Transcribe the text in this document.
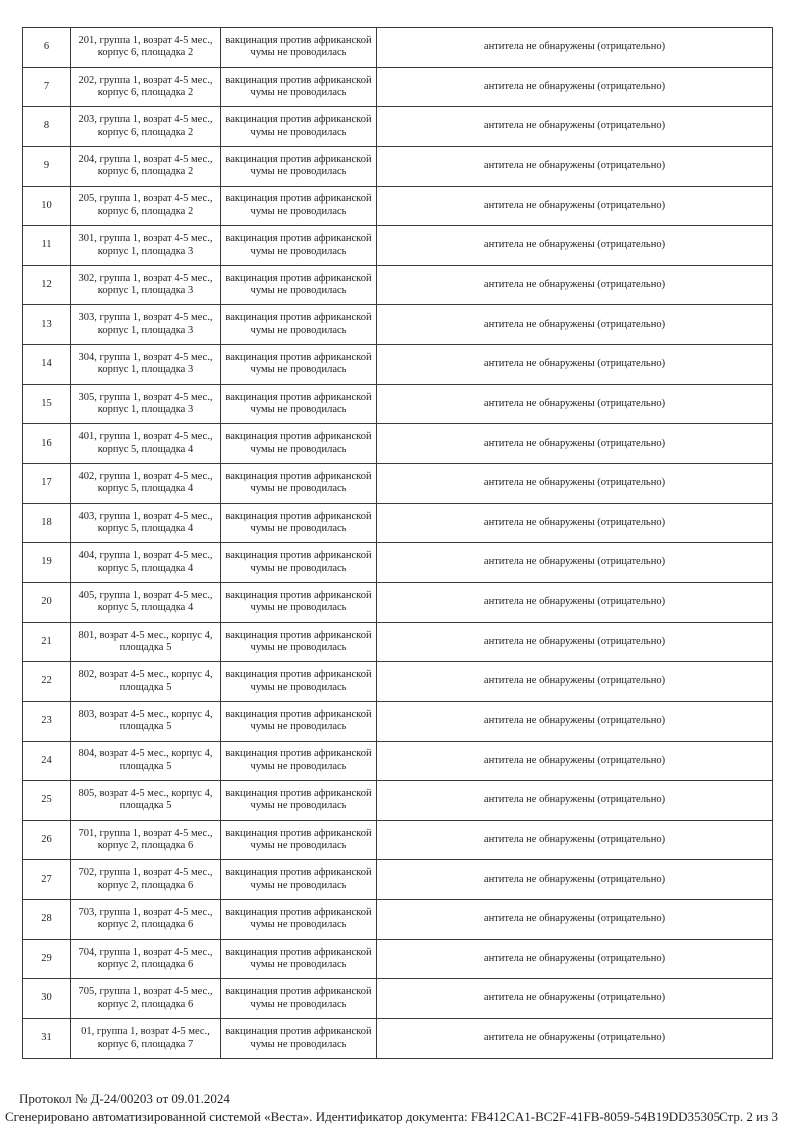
6	201, группа 1, возрат 4-5 мес., корпус 6, площадка 2	вакцинация против африканской чумы не проводилась	антитела не обнаружены (отрицательно)
7	202, группа 1, возрат 4-5 мес., корпус 6, площадка 2	вакцинация против африканской чумы не проводилась	антитела не обнаружены (отрицательно)
8	203, группа 1, возрат 4-5 мес., корпус 6, площадка 2	вакцинация против африканской чумы не проводилась	антитела не обнаружены (отрицательно)
9	204, группа 1, возрат 4-5 мес., корпус 6, площадка 2	вакцинация против африканской чумы не проводилась	антитела не обнаружены (отрицательно)
10	205, группа 1, возрат 4-5 мес., корпус 6, площадка 2	вакцинация против африканской чумы не проводилась	антитела не обнаружены (отрицательно)
11	301, группа 1, возрат 4-5 мес., корпус 1, площадка 3	вакцинация против африканской чумы не проводилась	антитела не обнаружены (отрицательно)
12	302, группа 1, возрат 4-5 мес., корпус 1, площадка 3	вакцинация против африканской чумы не проводилась	антитела не обнаружены (отрицательно)
13	303, группа 1, возрат 4-5 мес., корпус 1, площадка 3	вакцинация против африканской чумы не проводилась	антитела не обнаружены (отрицательно)
14	304, группа 1, возрат 4-5 мес., корпус 1, площадка 3	вакцинация против африканской чумы не проводилась	антитела не обнаружены (отрицательно)
15	305, группа 1, возрат 4-5 мес., корпус 1, площадка 3	вакцинация против африканской чумы не проводилась	антитела не обнаружены (отрицательно)
16	401, группа 1, возрат 4-5 мес., корпус 5, площадка 4	вакцинация против африканской чумы не проводилась	антитела не обнаружены (отрицательно)
17	402, группа 1, возрат 4-5 мес., корпус 5, площадка 4	вакцинация против африканской чумы не проводилась	антитела не обнаружены (отрицательно)
18	403, группа 1, возрат 4-5 мес., корпус 5, площадка 4	вакцинация против африканской чумы не проводилась	антитела не обнаружены (отрицательно)
19	404, группа 1, возрат 4-5 мес., корпус 5, площадка 4	вакцинация против африканской чумы не проводилась	антитела не обнаружены (отрицательно)
20	405, группа 1, возрат 4-5 мес., корпус 5, площадка 4	вакцинация против африканской чумы не проводилась	антитела не обнаружены (отрицательно)
21	801, возрат 4-5 мес., корпус 4, площадка 5	вакцинация против африканской чумы не проводилась	антитела не обнаружены (отрицательно)
22	802, возрат 4-5 мес., корпус 4, площадка 5	вакцинация против африканской чумы не проводилась	антитела не обнаружены (отрицательно)
23	803, возрат 4-5 мес., корпус 4, площадка 5	вакцинация против африканской чумы не проводилась	антитела не обнаружены (отрицательно)
24	804, возрат 4-5 мес., корпус 4, площадка 5	вакцинация против африканской чумы не проводилась	антитела не обнаружены (отрицательно)
25	805, возрат 4-5 мес., корпус 4, площадка 5	вакцинация против африканской чумы не проводилась	антитела не обнаружены (отрицательно)
26	701, группа 1, возрат 4-5 мес., корпус 2, площадка 6	вакцинация против африканской чумы не проводилась	антитела не обнаружены (отрицательно)
27	702, группа 1, возрат 4-5 мес., корпус 2, площадка 6	вакцинация против африканской чумы не проводилась	антитела не обнаружены (отрицательно)
28	703, группа 1, возрат 4-5 мес., корпус 2, площадка 6	вакцинация против африканской чумы не проводилась	антитела не обнаружены (отрицательно)
29	704, группа 1, возрат 4-5 мес., корпус 2, площадка 6	вакцинация против африканской чумы не проводилась	антитела не обнаружены (отрицательно)
30	705, группа 1, возрат 4-5 мес., корпус 2, площадка 6	вакцинация против африканской чумы не проводилась	антитела не обнаружены (отрицательно)
31	01, группа 1, возрат 4-5 мес., корпус 6, площадка 7	вакцинация против африканской чумы не проводилась	антитела не обнаружены (отрицательно)
Протокол № Д-24/00203 от 09.01.2024
Сгенерировано автоматизированной системой «Веста». Идентификатор документа: FB412CA1-BC2F-41FB-8059-54B19DD35305 Стр. 2 из 3
